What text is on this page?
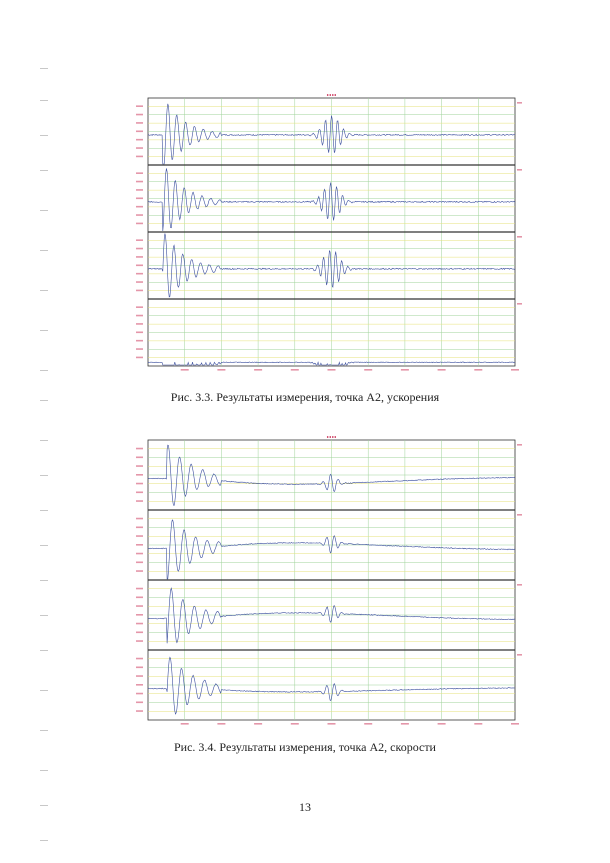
∎∎∎∎
Рис. 3.3. Результаты измерения, точка А2, ускорения
∎∎∎∎
Рис. 3.4. Результаты измерения, точка А2, скорости
13
